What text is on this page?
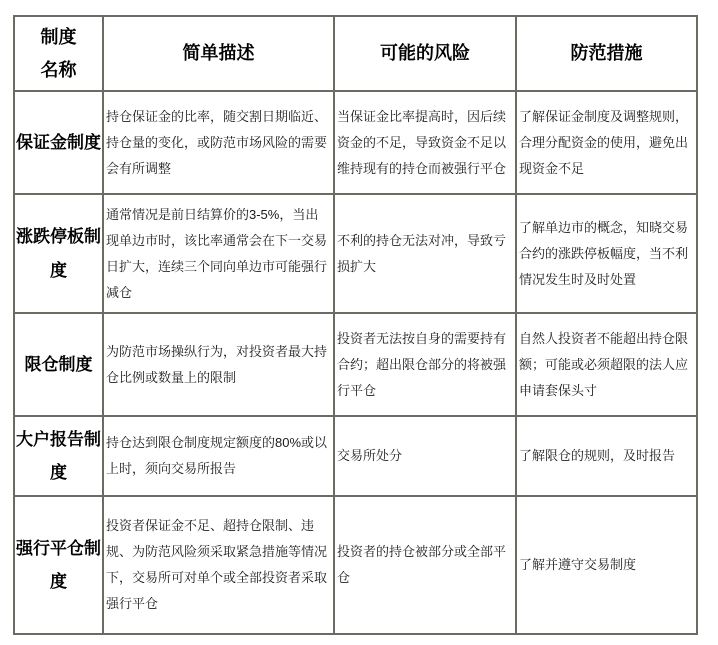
制度名称	简单描述	可能的风险	防范措施
保证金制度	持仓保证金的比率，随交割日期临近、持仓量的变化，或防范市场风险的需要会有所调整	当保证金比率提高时，因后续资金的不足，导致资金不足以维持现有的持仓而被强行平仓	了解保证金制度及调整规则，合理分配资金的使用，避免出现资金不足
涨跌停板制度	通常情况是前日结算价的3-5%，当出现单边市时，该比率通常会在下一交易日扩大，连续三个同向单边市可能强行减仓	不利的持仓无法对冲，导致亏损扩大	了解单边市的概念，知晓交易合约的涨跌停板幅度，当不利情况发生时及时处置
限仓制度	为防范市场操纵行为，对投资者最大持仓比例或数量上的限制	投资者无法按自身的需要持有合约；超出限仓部分的将被强行平仓	自然人投资者不能超出持仓限额；可能或必须超限的法人应申请套保头寸
大户报告制度	持仓达到限仓制度规定额度的80%或以上时，须向交易所报告	交易所处分	了解限仓的规则，及时报告
强行平仓制度	投资者保证金不足、超持仓限制、违规、为防范风险须采取紧急措施等情况下，交易所可对单个或全部投资者采取强行平仓	投资者的持仓被部分或全部平仓	了解并遵守交易制度
